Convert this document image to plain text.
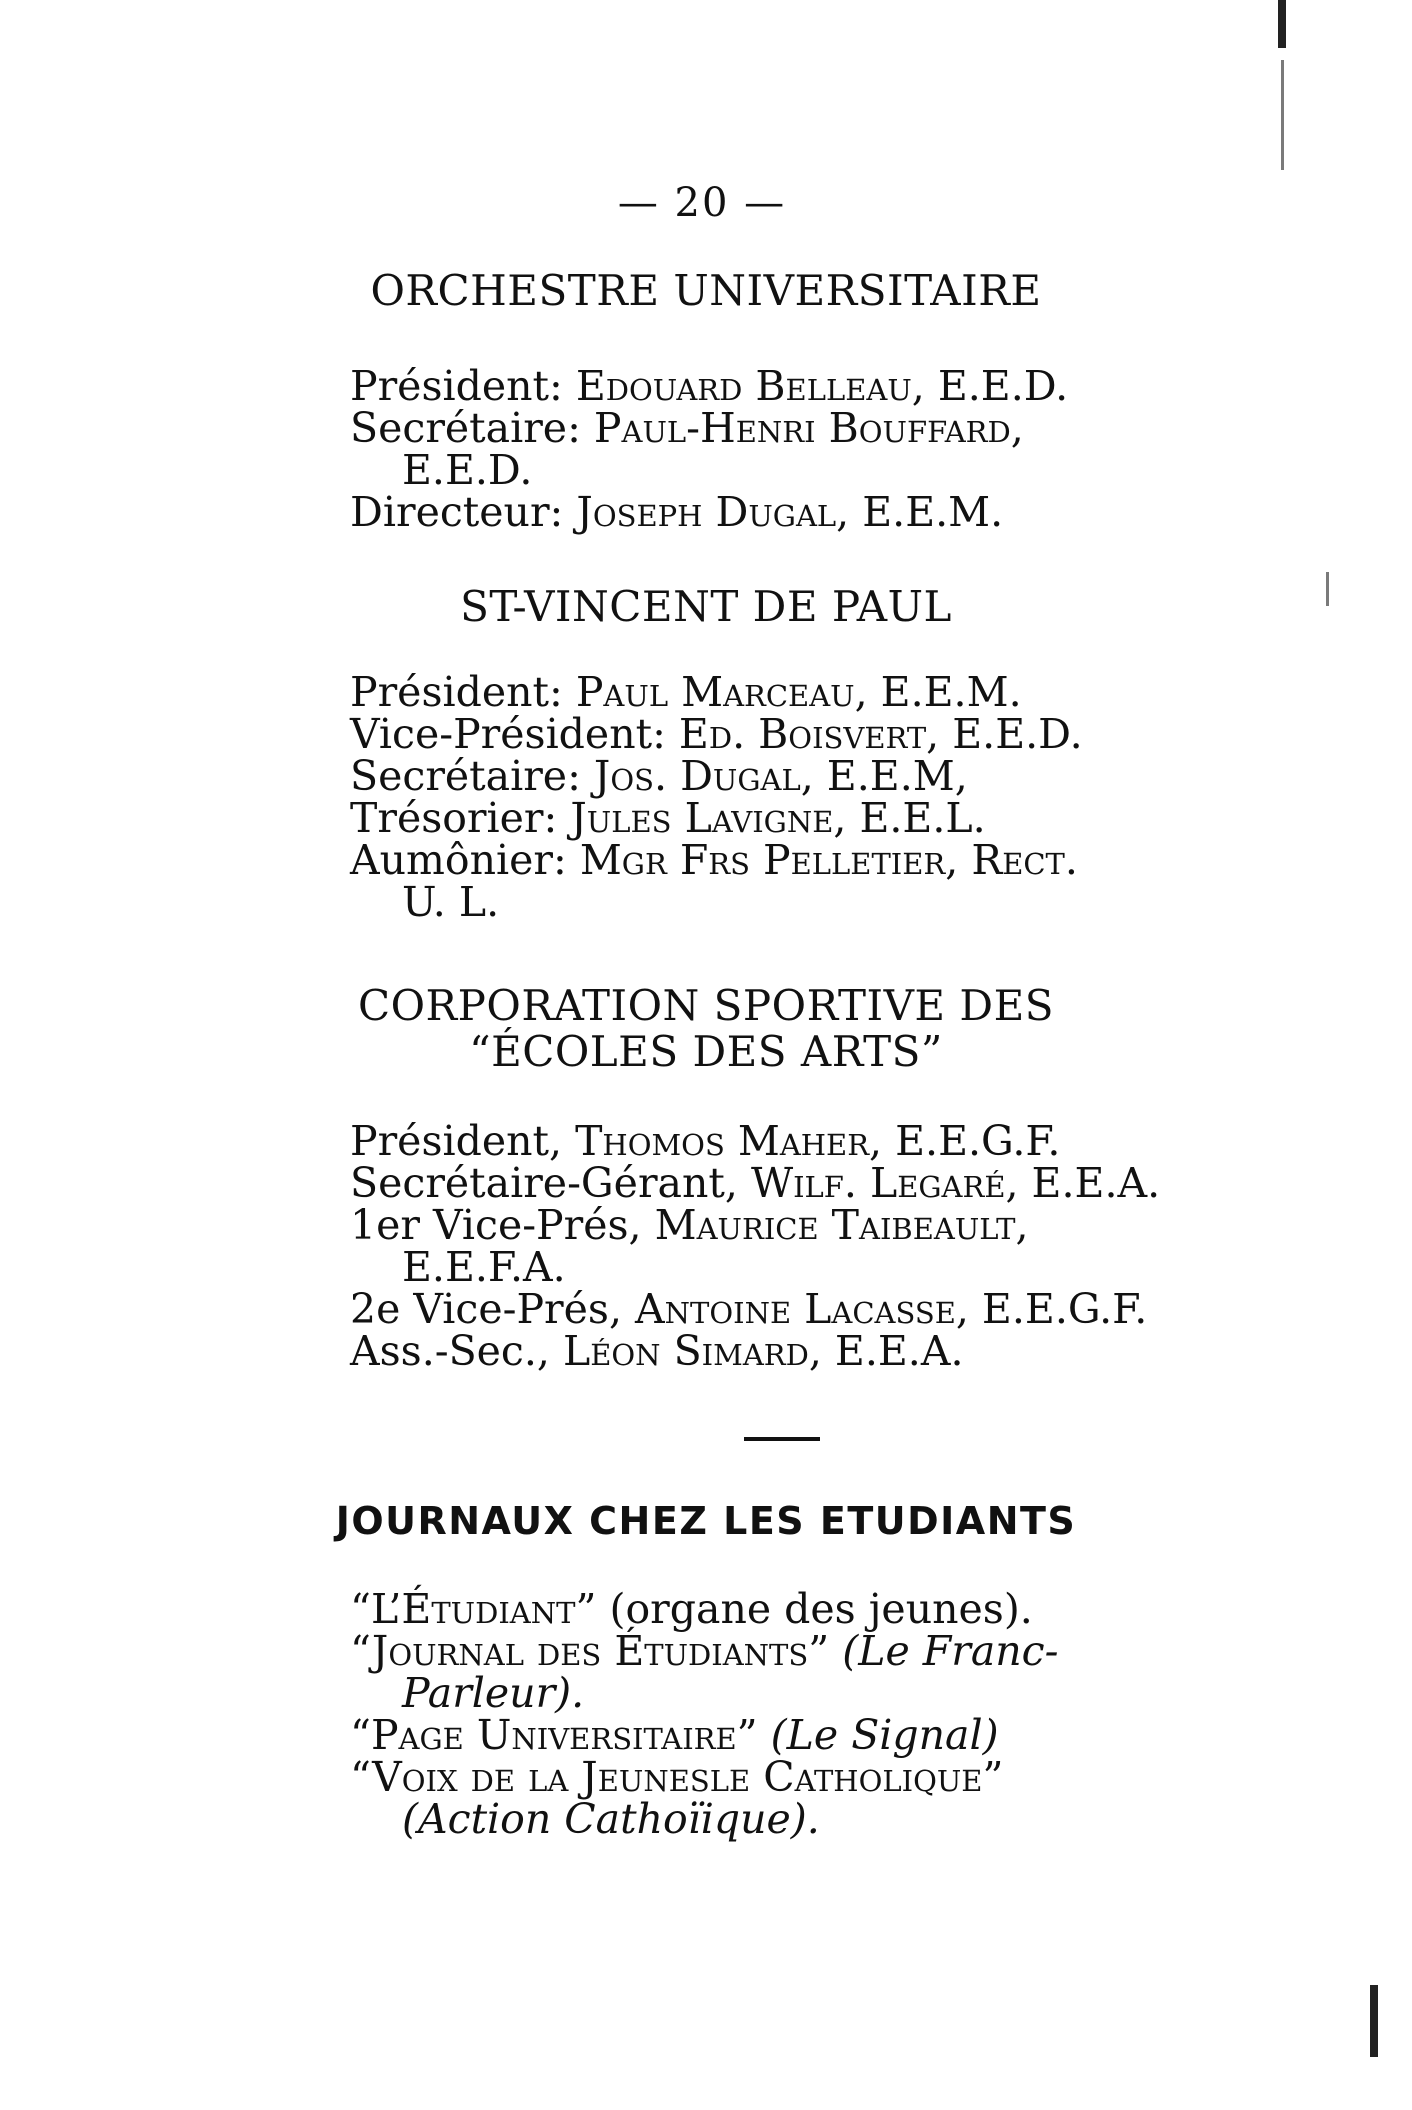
— 20 —
ORCHESTRE UNIVERSITAIRE

Président: Edouard Belleau, E.E.D.

Secrétaire: Paul-Henri Bouffard,

E.E.D.

Directeur: Joseph Dugal, E.E.M.

ST-VINCENT DE PAUL

Président: Paul Marceau, E.E.M.

Vice-Président: Ed. Boisvert, E.E.D.

Secrétaire: Jos. Dugal, E.E.M,

Trésorier: Jules Lavigne, E.E.L.

Aumônier: Mgr Frs Pelletier, Rect.

U. L.

CORPORATION SPORTIVE DES
“ÉCOLES DES ARTS”

Président, Thomos Maher, E.E.G.F.

Secrétaire-Gérant, Wilf. Legaré, E.E.A.

1er Vice-Prés, Maurice Taibeault,

E.E.F.A.

2e Vice-Prés, Antoine Lacasse, E.E.G.F.

Ass.-Sec., Léon Simard, E.E.A.

JOURNAUX CHEZ LES ETUDIANTS

“L’Étudiant” (organe des jeunes).

“Journal des Étudiants” (Le Franc-

Parleur).

“Page Universitaire” (Le Signal)

“Voix de la Jeunesle Catholique”

(Action Cathoïique).
